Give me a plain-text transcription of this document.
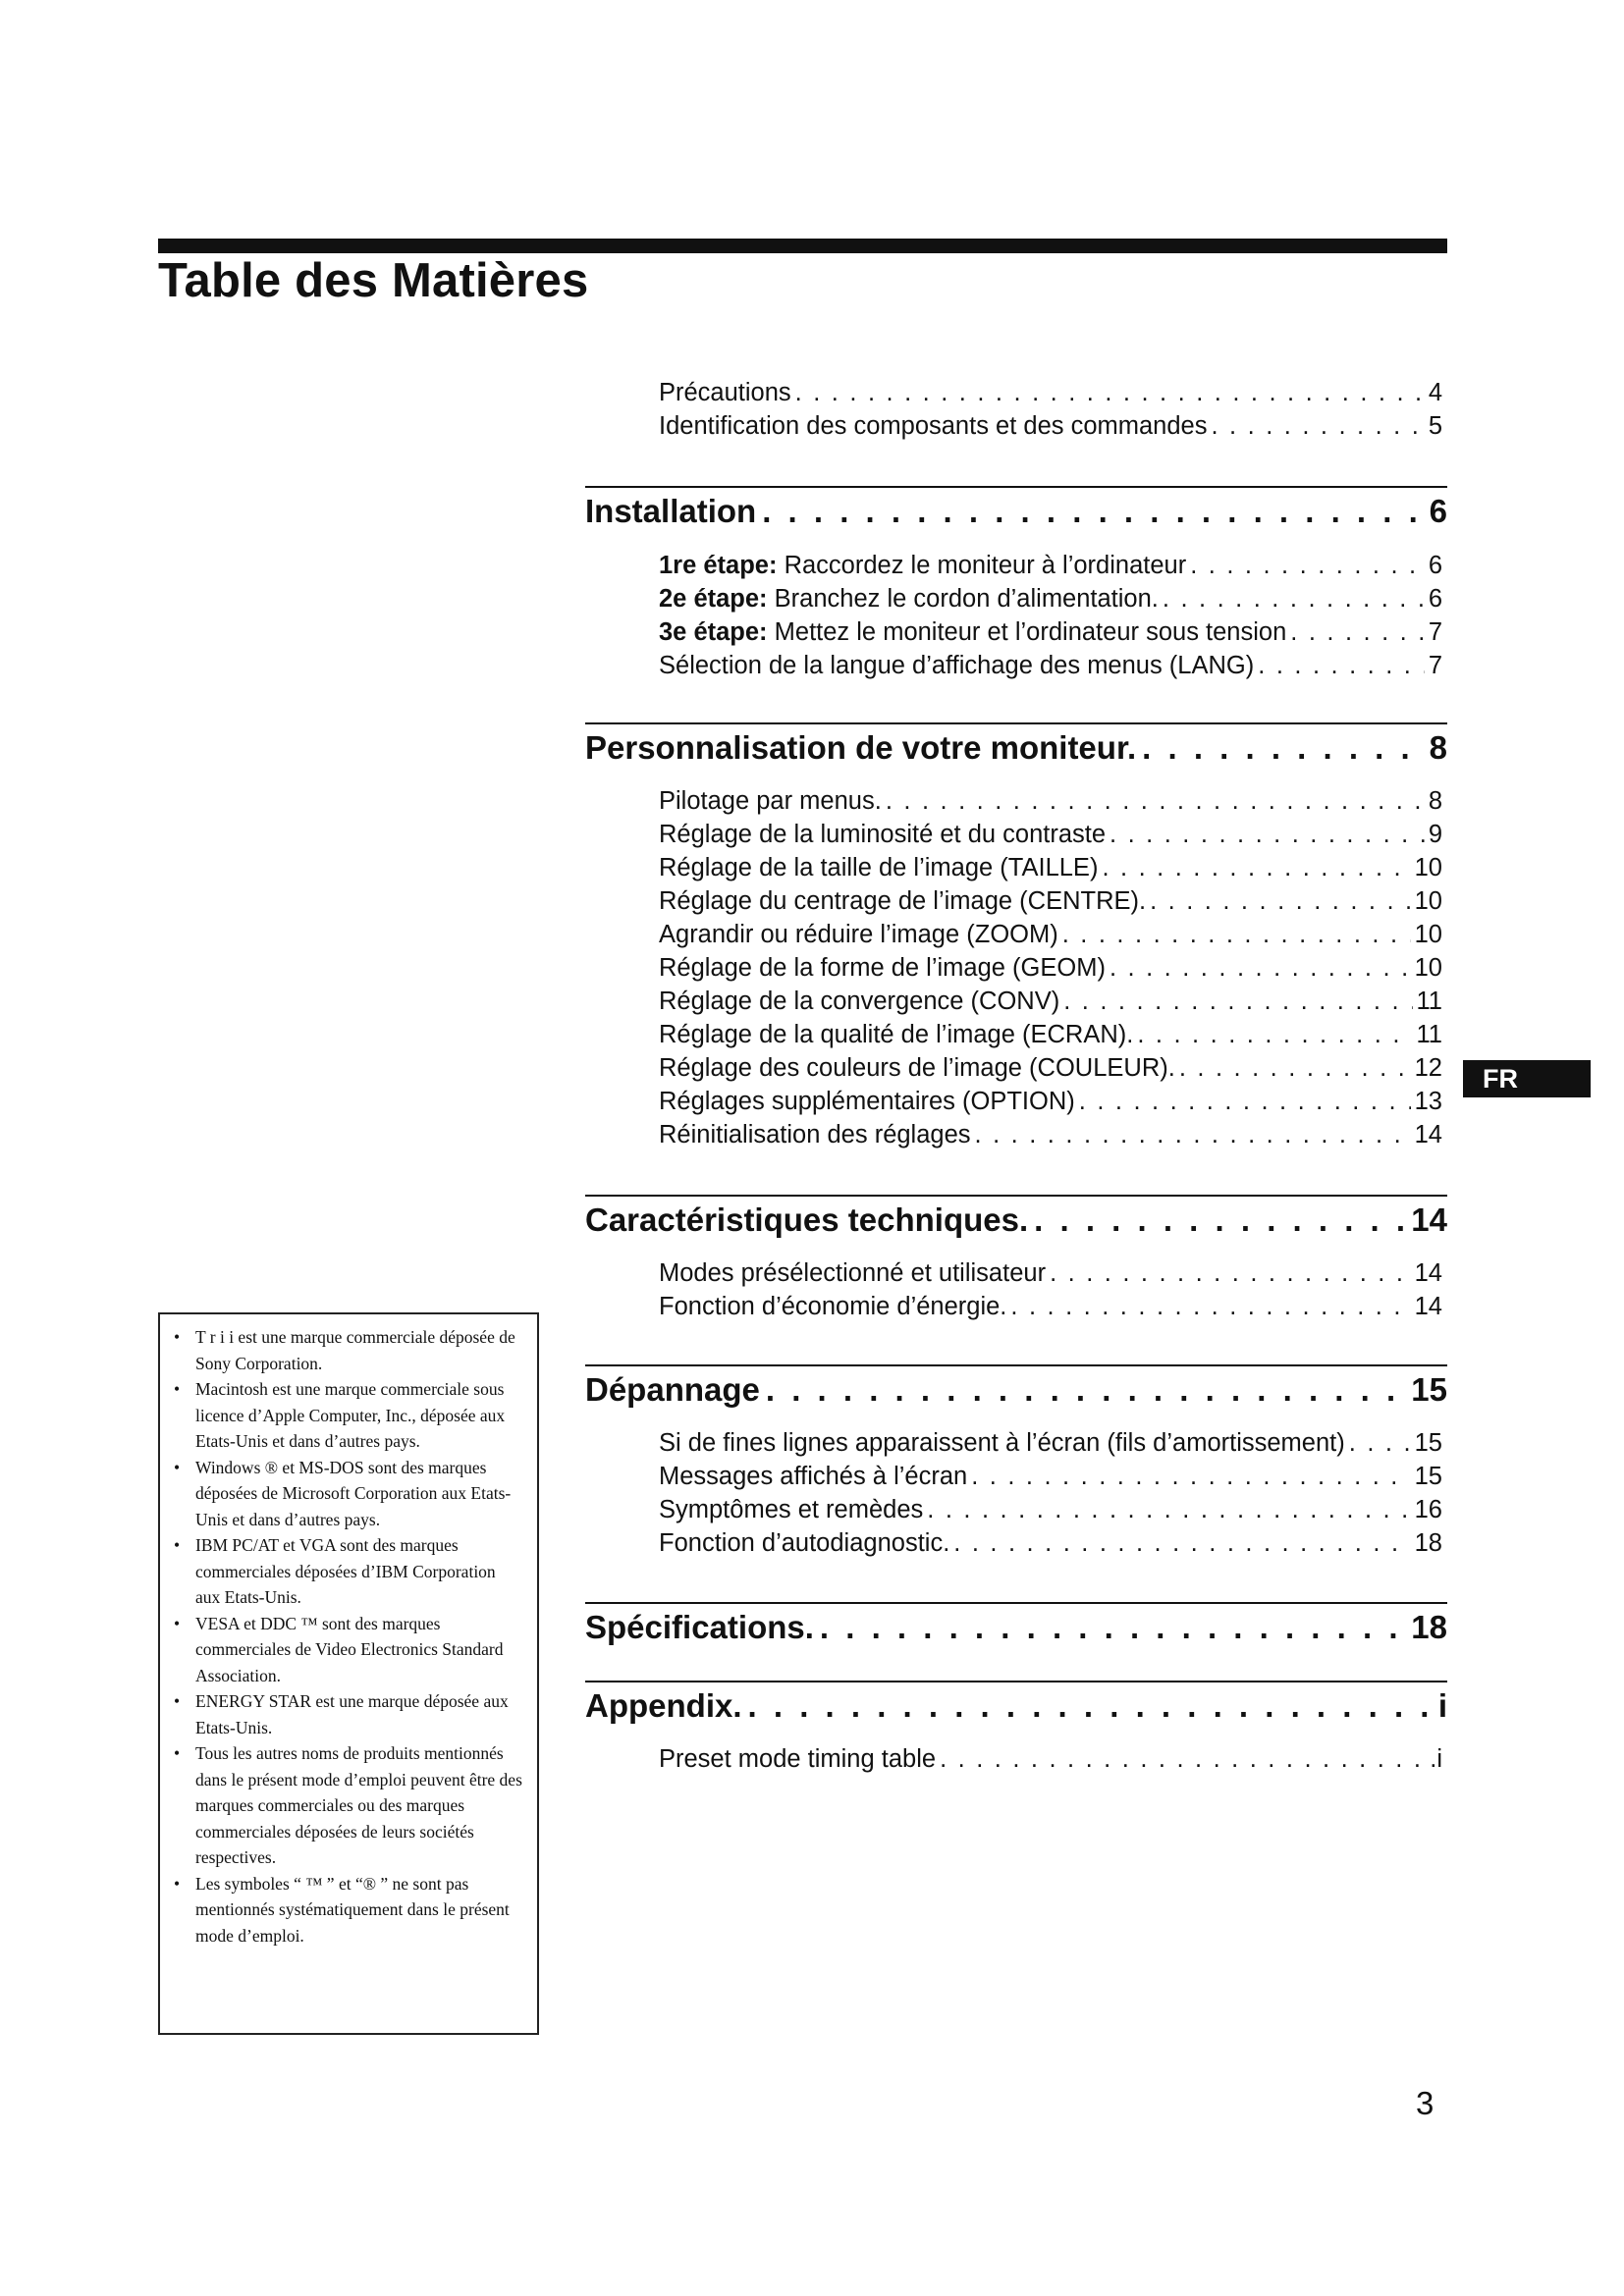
Table des Matières
Précautions . . .	4
Identification des composants et des commandes . . .	5
Installation . . .	6
1re étape: Raccordez le moniteur à l’ordinateur . . .	6
2e étape: Branchez le cordon d’alimentation. . . .	6
3e étape: Mettez le moniteur et l’ordinateur sous tension . . .	7
Sélection de la langue d’affichage des menus (LANG) . . .	7
Personnalisation de votre moniteur. . . .	8
Pilotage par menus. . . .	8
Réglage de la luminosité et du contraste . . .	9
Réglage de la taille de l’image (TAILLE) . . .	10
Réglage du centrage de l’image (CENTRE). . . .	10
Agrandir ou réduire l’image (ZOOM) . . .	10
Réglage de la forme de l’image (GEOM) . . .	10
Réglage de la convergence (CONV) . . .	11
Réglage de la qualité de l’image (ECRAN). . . .	11
Réglage des couleurs de l’image (COULEUR). . . .	12
Réglages supplémentaires (OPTION) . . .	13
Réinitialisation des réglages . . .	14
Caractéristiques techniques. . . .	14
Modes présélectionné et utilisateur . . .	14
Fonction d’économie d’énergie. . . .	14
Dépannage . . .	15
Si de fines lignes apparaissent à l’écran (fils d’amortissement) . . .	15
Messages affichés à l’écran . . .	15
Symptômes et remèdes . . .	16
Fonction d’autodiagnostic. . . .	18
Spécifications. . . .	18
Appendix. . . .	i
Preset mode timing table . . .	.i
FR
• T r i i est une marque commerciale déposée de Sony Corporation.
• Macintosh est une marque commerciale sous licence d’Apple Computer, Inc., déposée aux Etats-Unis et dans d’autres pays.
• Windows ® et MS-DOS sont des marques déposées de Microsoft Corporation aux Etats-Unis et dans d’autres pays.
• IBM PC/AT et VGA sont des marques commerciales déposées d’IBM Corporation aux Etats-Unis.
• VESA et DDC ™ sont des marques commerciales de Video Electronics Standard Association.
• ENERGY STAR est une marque déposée aux Etats-Unis.
• Tous les autres noms de produits mentionnés dans le présent mode d’emploi peuvent être des marques commerciales ou des marques commerciales déposées de leurs sociétés respectives.
• Les symboles “ ™ ” et “® ” ne sont pas mentionnés systématiquement dans le présent mode d’emploi.
3
